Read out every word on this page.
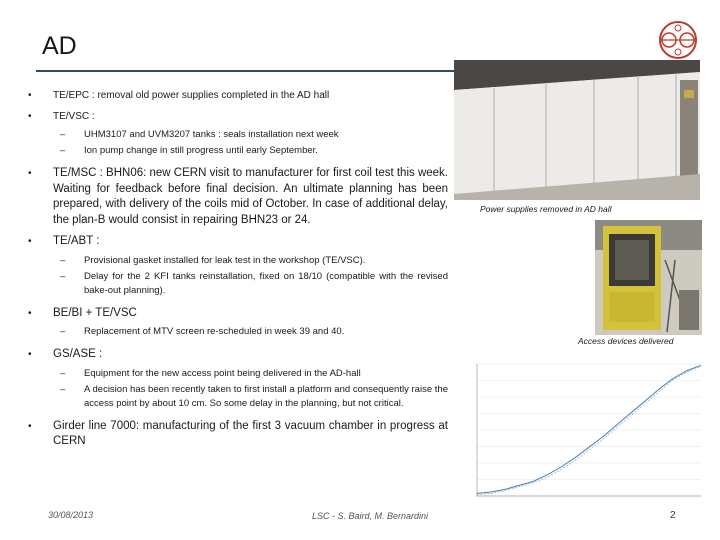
AD
• TE/EPC : removal old power supplies completed in the AD hall
• TE/VSC :
– UHM3107 and UVM3207 tanks : seals installation next week
– Ion pump change in still progress until early September.
• TE/MSC : BHN06: new CERN visit to manufacturer for first coil test this week. Waiting for feedback before final decision. An ultimate planning has been prepared, with delivery of the coils mid of October. In case of additional delay, the plan-B would consist in repairing BHN23 or 24.
• TE/ABT :
– Provisional gasket installed for leak test in the workshop (TE/VSC).
– Delay for the 2 KFI tanks reinstallation, fixed on 18/10 (compatible with the revised bake-out planning).
• BE/BI + TE/VSC
– Replacement of MTV screen re-scheduled in week 39 and 40.
• GS/ASE :
– Equipment for the new access point being delivered in the AD-hall
– A decision has been recently taken to first install a platform and consequently raise the access point by about 10 cm. So some delay in the planning, but not critical.
• Girder line 7000: manufacturing of the first 3 vacuum chamber in progress at CERN
Power supplies removed in AD hall
Access devices delivered
30/08/2013	LSC - S. Baird, M. Bernardini	2
